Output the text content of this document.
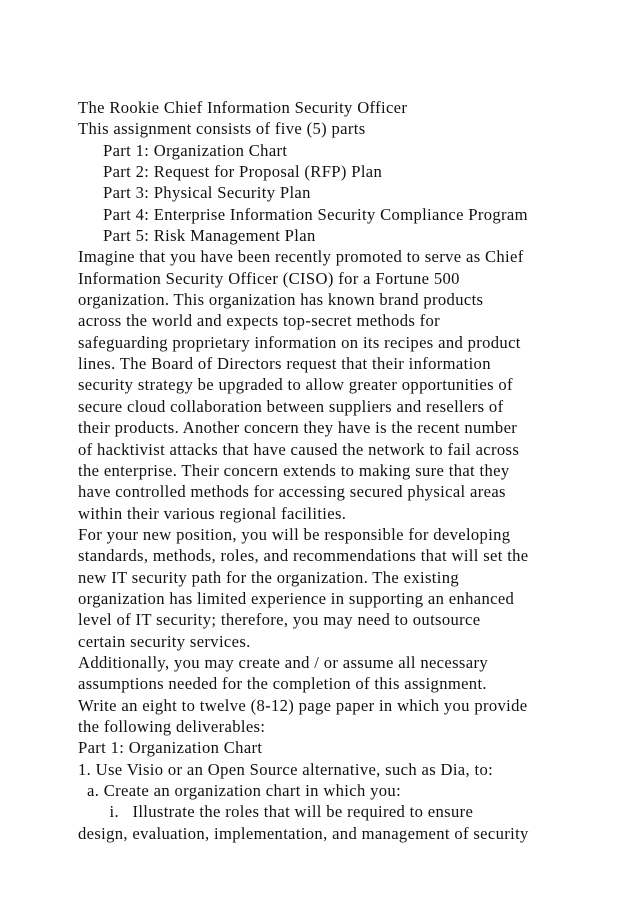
The Rookie Chief Information Security Officer
This assignment consists of five (5) parts
Part 1: Organization Chart
Part 2: Request for Proposal (RFP) Plan
Part 3: Physical Security Plan
Part 4: Enterprise Information Security Compliance Program
Part 5: Risk Management Plan
Imagine that you have been recently promoted to serve as Chief
Information Security Officer (CISO) for a Fortune 500
organization. This organization has known brand products
across the world and expects top-secret methods for
safeguarding proprietary information on its recipes and product
lines. The Board of Directors request that their information
security strategy be upgraded to allow greater opportunities of
secure cloud collaboration between suppliers and resellers of
their products. Another concern they have is the recent number
of hacktivist attacks that have caused the network to fail across
the enterprise. Their concern extends to making sure that they
have controlled methods for accessing secured physical areas
within their various regional facilities.
For your new position, you will be responsible for developing
standards, methods, roles, and recommendations that will set the
new IT security path for the organization. The existing
organization has limited experience in supporting an enhanced
level of IT security; therefore, you may need to outsource
certain security services.
Additionally, you may create and / or assume all necessary
assumptions needed for the completion of this assignment.
Write an eight to twelve (8-12) page paper in which you provide
the following deliverables:
Part 1: Organization Chart
1. Use Visio or an Open Source alternative, such as Dia, to:
a. Create an organization chart in which you:
i.   Illustrate the roles that will be required to ensure
design, evaluation, implementation, and management of security
